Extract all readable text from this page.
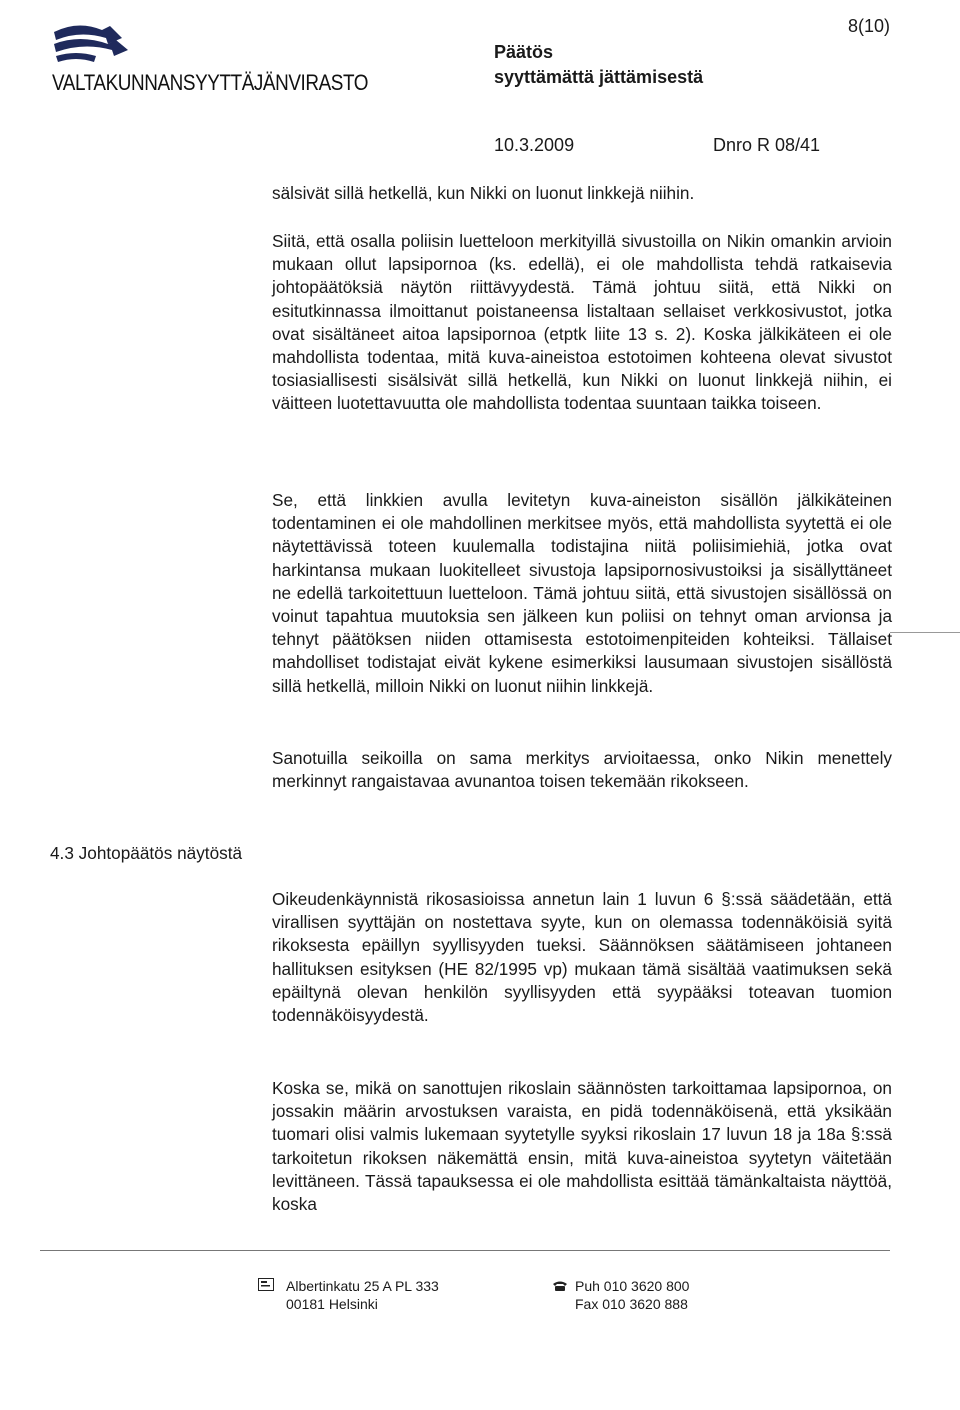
VALTAKUNNANSYYTTÄJÄNVIRASTO
8(10)
Päätös
syyttämättä jättämisestä
10.3.2009	Dnro R 08/41

sälsivät sillä hetkellä, kun Nikki on luonut linkkejä niihin.

Siitä, että osalla poliisin luetteloon merkityillä sivustoilla on Nikin omankin arvioin mukaan ollut lapsipornoa (ks. edellä), ei ole mahdollista tehdä ratkaisevia johtopäätöksiä näytön riittävyydestä. Tämä johtuu siitä, että Nikki on esitutkinnassa ilmoittanut poistaneensa listaltaan sellaiset verkkosivustot, jotka ovat sisältäneet aitoa lapsipornoa (etptk liite 13 s. 2). Koska jälkikäteen ei ole mahdollista todentaa, mitä kuva-aineistoa estotoimen kohteena olevat sivustot tosiasiallisesti sisälsivät sillä hetkellä, kun Nikki on luonut linkkejä niihin, ei väitteen luotettavuutta ole mahdollista todentaa suuntaan taikka toiseen.

Se, että linkkien avulla levitetyn kuva-aineiston sisällön jälkikäteinen todentaminen ei ole mahdollinen merkitsee myös, että mahdollista syytettä ei ole näytettävissä toteen kuulemalla todistajina niitä poliisimiehiä, jotka ovat harkintansa mukaan luokitelleet sivustoja lapsipornosivustoiksi ja sisällyttäneet ne edellä tarkoitettuun luetteloon. Tämä johtuu siitä, että sivustojen sisällössä on voinut tapahtua muutoksia sen jälkeen kun poliisi on tehnyt oman arvionsa ja tehnyt päätöksen niiden ottamisesta estotoimenpiteiden kohteiksi. Tällaiset mahdolliset todistajat eivät kykene esimerkiksi lausumaan sivustojen sisällöstä sillä hetkellä, milloin Nikki on luonut niihin linkkejä.

Sanotuilla seikoilla on sama merkitys arvioitaessa, onko Nikin menettely merkinnyt rangaistavaa avunantoa toisen tekemään rikokseen.

4.3 Johtopäätös näytöstä

Oikeudenkäynnistä rikosasioissa annetun lain 1 luvun 6 §:ssä säädetään, että virallisen syyttäjän on nostettava syyte, kun on olemassa todennäköisiä syitä rikoksesta epäillyn syyllisyyden tueksi. Säännöksen säätämiseen johtaneen hallituksen esityksen (HE 82/1995 vp) mukaan tämä sisältää vaatimuksen sekä epäiltynä olevan henkilön syyllisyyden että syypääksi toteavan tuomion todennäköisyydestä.

Koska se, mikä on sanottujen rikoslain säännösten tarkoittamaa lapsipornoa, on jossakin määrin arvostuksen varaista, en pidä todennäköisenä, että yksikään tuomari olisi valmis lukemaan syytetylle syyksi rikoslain 17 luvun 18 ja 18a §:ssä tarkoitetun rikoksen näkemättä ensin, mitä kuva-aineistoa syytetyn väitetään levittäneen. Tässä tapauksessa ei ole mahdollista esittää tämänkaltaista näyttöä, koska

Albertinkatu 25 A PL 333
00181 Helsinki
Puh 010 3620 800
Fax 010 3620 888
